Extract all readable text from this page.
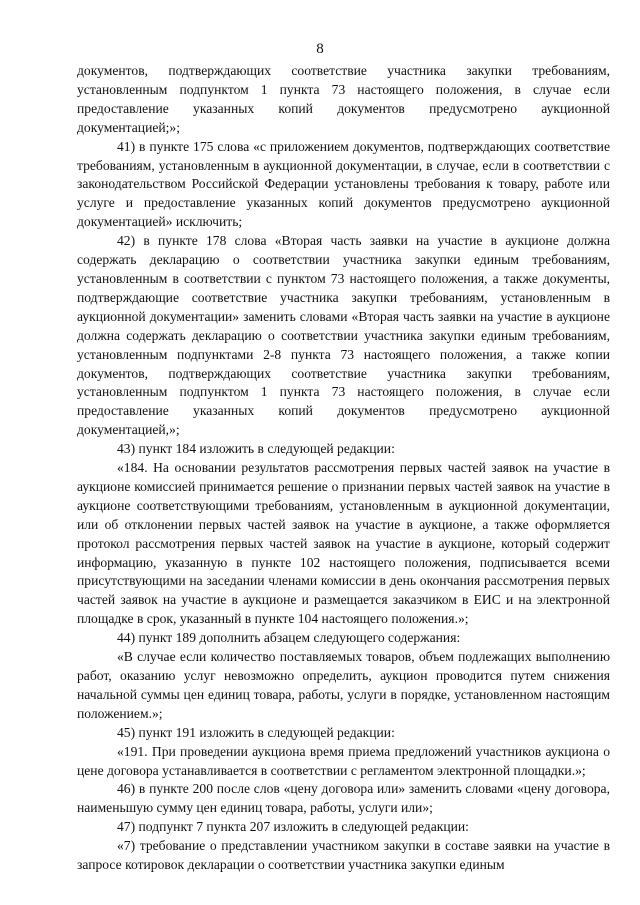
8

документов, подтверждающих соответствие участника закупки требованиям, установленным подпунктом 1 пункта 73 настоящего положения, в случае если предоставление указанных копий документов предусмотрено аукционной документацией;»;

41) в пункте 175 слова «с приложением документов, подтверждающих соответствие требованиям, установленным в аукционной документации, в случае, если в соответствии с законодательством Российской Федерации установлены требования к товару, работе или услуге и предоставление указанных копий документов предусмотрено аукционной документацией» исключить;

42) в пункте 178 слова «Вторая часть заявки на участие в аукционе должна содержать декларацию о соответствии участника закупки единым требованиям, установленным в соответствии с пунктом 73 настоящего положения, а также документы, подтверждающие соответствие участника закупки требованиям, установленным в аукционной документации» заменить словами «Вторая часть заявки на участие в аукционе должна содержать декларацию о соответствии участника закупки единым требованиям, установленным подпунктами 2-8 пункта 73 настоящего положения, а также копии документов, подтверждающих соответствие участника закупки требованиям, установленным подпунктом 1 пункта 73 настоящего положения, в случае если предоставление указанных копий документов предусмотрено аукционной документацией,»;

43) пункт 184 изложить в следующей редакции:

«184. На основании результатов рассмотрения первых частей заявок на участие в аукционе комиссией принимается решение о признании первых частей заявок на участие в аукционе соответствующими требованиям, установленным в аукционной документации, или об отклонении первых частей заявок на участие в аукционе, а также оформляется протокол рассмотрения первых частей заявок на участие в аукционе, который содержит информацию, указанную в пункте 102 настоящего положения, подписывается всеми присутствующими на заседании членами комиссии в день окончания рассмотрения первых частей заявок на участие в аукционе и размещается заказчиком в ЕИС и на электронной площадке в срок, указанный в пункте 104 настоящего положения.»;

44) пункт 189 дополнить абзацем следующего содержания:

«В случае если количество поставляемых товаров, объем подлежащих выполнению работ, оказанию услуг невозможно определить, аукцион проводится путем снижения начальной суммы цен единиц товара, работы, услуги в порядке, установленном настоящим положением.»;

45) пункт 191 изложить в следующей редакции:

«191. При проведении аукциона время приема предложений участников аукциона о цене договора устанавливается в соответствии с регламентом электронной площадки.»;

46) в пункте 200 после слов «цену договора или» заменить словами «цену договора, наименьшую сумму цен единиц товара, работы, услуги или»;

47) подпункт 7 пункта 207 изложить в следующей редакции:

«7) требование о представлении участником закупки в составе заявки на участие в запросе котировок декларации о соответствии участника закупки единым
